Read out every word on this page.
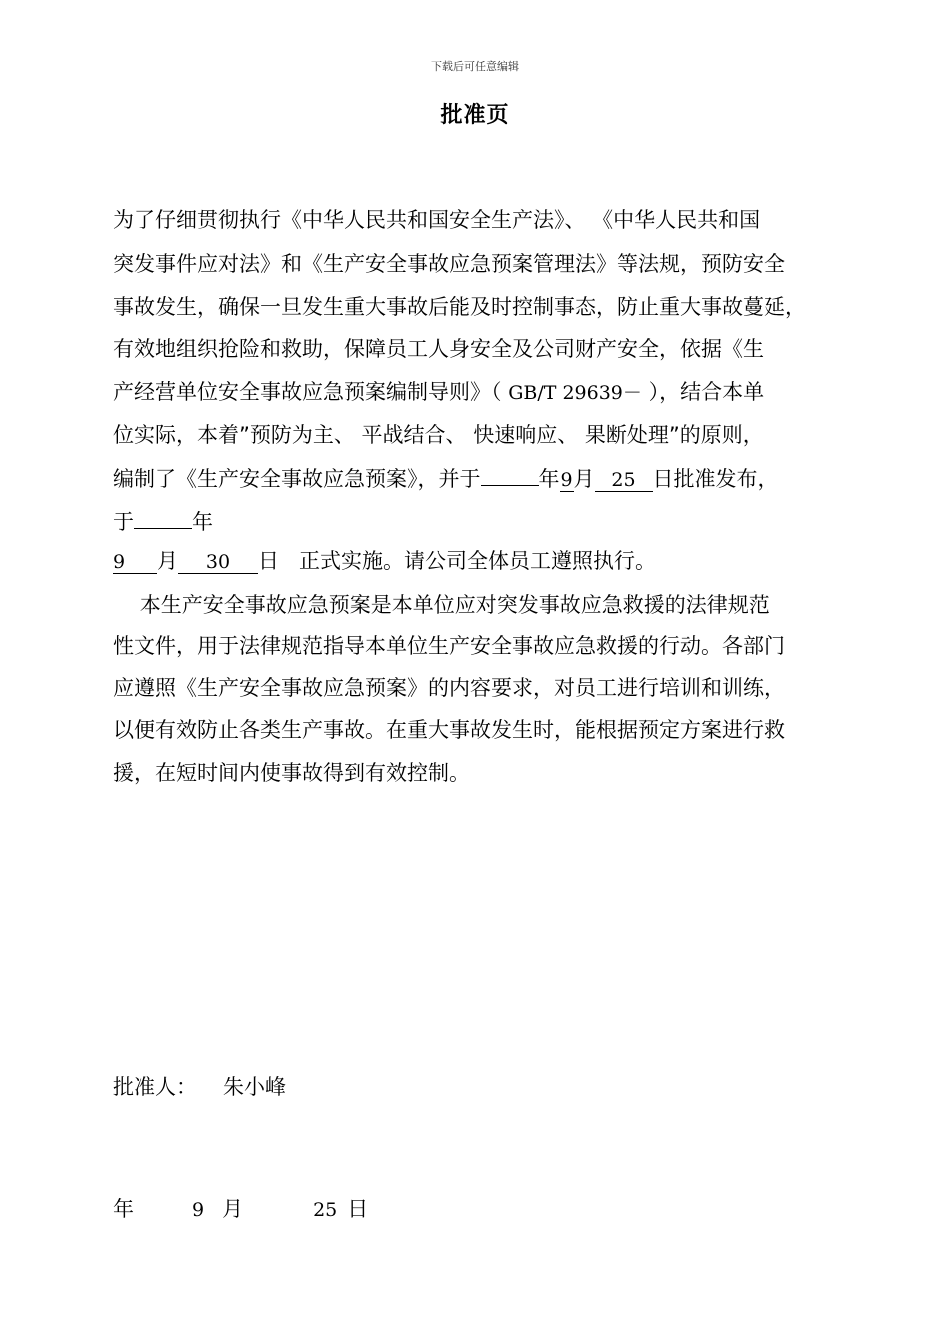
下载后可任意编辑
批准页
为了仔细贯彻执行《中华人民共和国安全生产法》、 《中华人民共和国
突发事件应对法》和《生产安全事故应急预案管理法》等法规，预防安全
事故发生，确保一旦发生重大事故后能及时控制事态，防止重大事故蔓延，
有效地组织抢险和救助，保障员工人身安全及公司财产安全，依据《生
产经营单位安全事故应急预案编制导则》（ GB/T 29639－ ），结合本单
位实际，本着”预防为主、 平战结合、 快速响应、 果断处理”的原则，
编制了《生产安全事故应急预案》，并于	年9月 25 日批准发布，
于	年
9 月 30 日   正式实施。请公司全体员工遵照执行。
本生产安全事故应急预案是本单位应对突发事故应急救援的法律规范
性文件，用于法律规范指导本单位生产安全事故应急救援的行动。各部门
应遵照《生产安全事故应急预案》的内容要求，对员工进行培训和训练，
以便有效防止各类生产事故。在重大事故发生时，能根据预定方案进行救
援，在短时间内使事故得到有效控制。
批准人： 朱小峰
年	9 月	25 日
